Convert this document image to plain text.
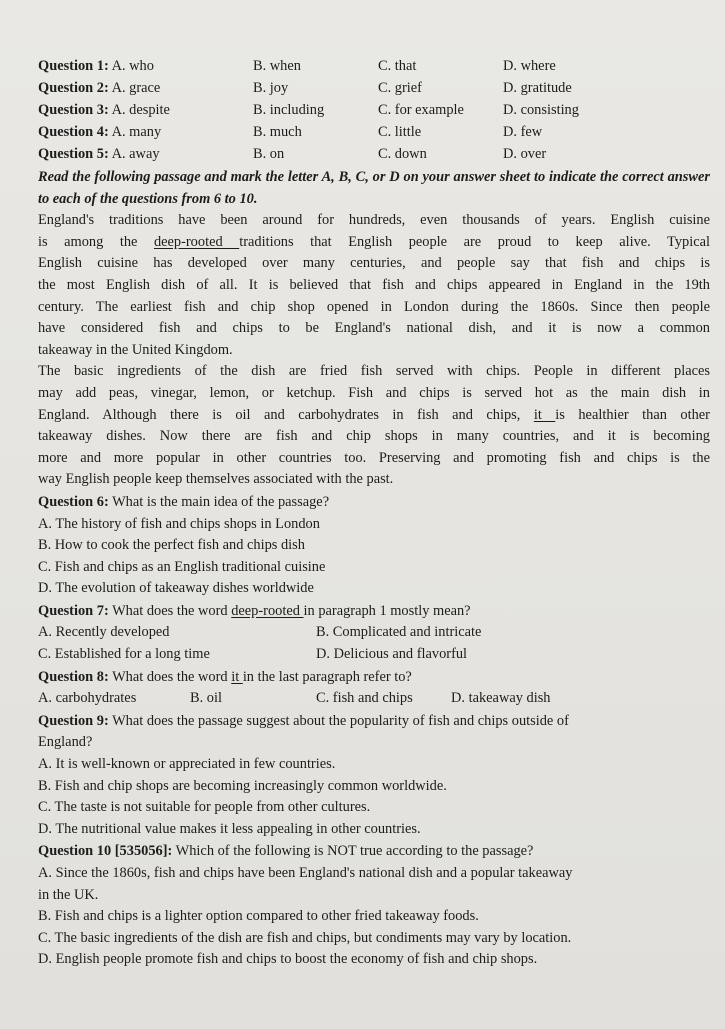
Question 1: A. who	B. when	C. that	D. where
Question 2: A. grace	B. joy	C. grief	D. gratitude
Question 3: A. despite	B. including	C. for example	D. consisting
Question 4: A. many	B. much	C. little	D. few
Question 5: A. away	B. on	C. down	D. over

Read the following passage and mark the letter A, B, C, or D on your answer sheet to indicate the correct answer to each of the questions from 6 to 10.

England's traditions have been around for hundreds, even thousands of years. English cuisine
is among the deep-rooted traditions that English people are proud to keep alive. Typical
English cuisine has developed over many centuries, and people say that fish and chips is
the most English dish of all. It is believed that fish and chips appeared in England in the 19th
century. The earliest fish and chip shop opened in London during the 1860s. Since then people
have considered fish and chips to be England's national dish, and it is now a common
takeaway in the United Kingdom.
The basic ingredients of the dish are fried fish served with chips. People in different places
may add peas, vinegar, lemon, or ketchup. Fish and chips is served hot as the main dish in
England. Although there is oil and carbohydrates in fish and chips, it is healthier than other
takeaway dishes. Now there are fish and chip shops in many countries, and it is becoming
more and more popular in other countries too. Preserving and promoting fish and chips is the
way English people keep themselves associated with the past.
Question 6: What is the main idea of the passage?
A. The history of fish and chips shops in London
B. How to cook the perfect fish and chips dish
C. Fish and chips as an English traditional cuisine
D. The evolution of takeaway dishes worldwide
Question 7: What does the word deep-rooted in paragraph 1 mostly mean?
A. Recently developed	B. Complicated and intricate
C. Established for a long time	D. Delicious and flavorful
Question 8: What does the word it in the last paragraph refer to?
A. carbohydrates	B. oil	C. fish and chips	D. takeaway dish
Question 9: What does the passage suggest about the popularity of fish and chips outside of
England?
A. It is well-known or appreciated in few countries.
B. Fish and chip shops are becoming increasingly common worldwide.
C. The taste is not suitable for people from other cultures.
D. The nutritional value makes it less appealing in other countries.
Question 10 [535056]: Which of the following is NOT true according to the passage?
A. Since the 1860s, fish and chips have been England's national dish and a popular takeaway
in the UK.
B. Fish and chips is a lighter option compared to other fried takeaway foods.
C. The basic ingredients of the dish are fish and chips, but condiments may vary by location.
D. English people promote fish and chips to boost the economy of fish and chip shops.
